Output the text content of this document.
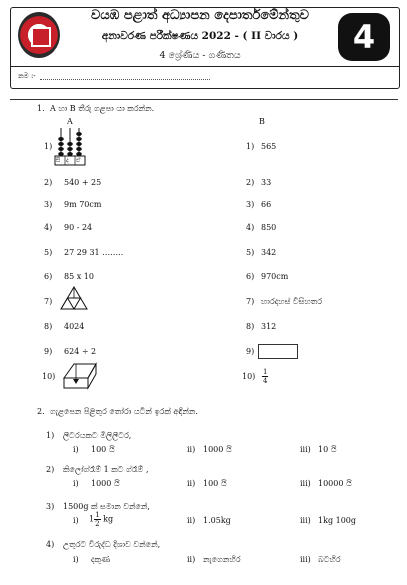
වයඹ පළාත් අධ්‍යාපන දෙපාර්තමේන්තුව
අනාවරණ පරීක්ෂණය 2022 - ( II වාරය )
4 ශ්‍රේණිය - ගණිතය	4
නම :-
1. A හා B තීරු ගළපා යා කරන්න.
A	B
1)	1) 565
සි ද ඒ
2) 540 + 25	2) 33
3) 9m 70cm	3) 66
4) 90 - 24	4) 850
5) 27 29 31 ……..	5) 342
6) 85 x 10	6) 970cm
7)	7) හාරදහස් විසිහතර
8) 4024	8) 312
9) 624 ÷ 2	9)
10)	$10) \frac{1}{4}$
2. ගැළපෙන පිළිතුර තෝරා යටින් ඉරක් අඳින්න.
1) ලීටරයකට මිලිලීටර,
i) 100 යි	ii) 1000 යි	iii) 10 යි
2) කිලෝග්රෑම් 1 කට ග්රෑම් ,
i) 1000 යි	ii) 100 යි	iii) 10000 යි
3) 1500g ක් සමාන වන්නේ,
i) $1 \frac{1}{2}$ kg	ii) 1.05kg	iii) 1kg 100g
4) උතුරට විරුද්ධ දිශාව වන්නේ,
i) දකුණ	ii) නැගෙනහිර	iii) බටහිර
